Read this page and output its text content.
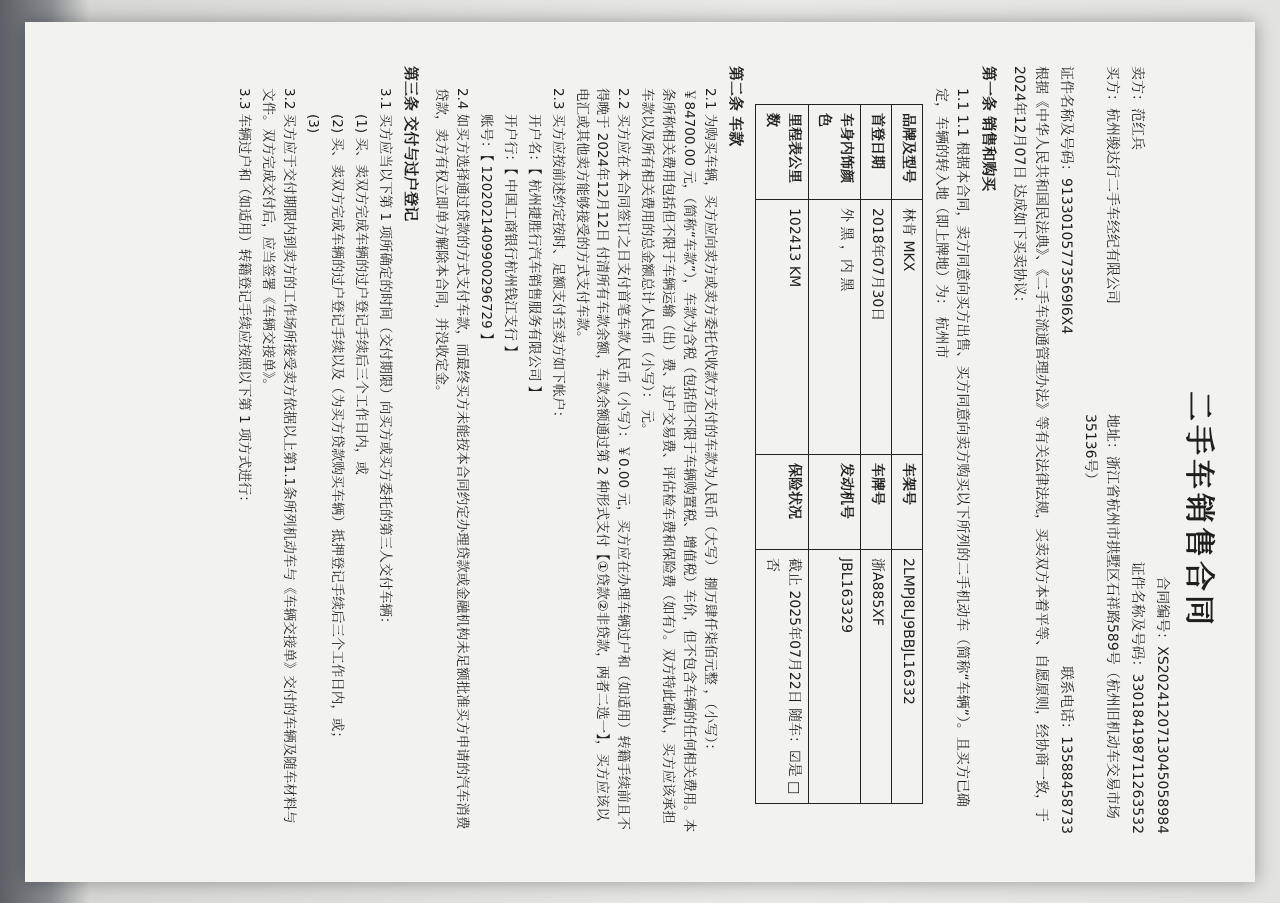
二手车销售合同
合同编号：XS20241207130450589​84
卖方：范红兵
证件名称及号码：330184198711263532
买方：杭州骏达行二手车经纪有限公司
地址：浙江省杭州市拱墅区石祥路589号（杭州旧机动车交易市场35136号）
证件名称及号码：91330105773569I6X4
联系电话：13588458733
根据《中华人民共和国民法典》、《二手车流通管理办法》等有关法律法规，买卖双方本着平等、自愿原则，经协商一致，于 2024年12月07日 达成如下买卖协议：
第一条 销售和购买
1.1 1.1 根据本合同，卖方同意向买方出售、买方同意向卖方购买以下所列的二手机动车（简称“车辆”）。且买方已确定，车辆的转入地（即上牌地）为： 杭州市
品牌及型号	林肯 MKX	车架号	2LMPJ8LJ9BBJL16332
首登日期	2018年07月30日	车牌号	浙A885XF
车身内饰颜色	外 黑 ，内 黑	发动机号	JBL163329
里程表公里数	102413 KM	保险状况	截止 2025年07月22日 随车：☑是 □否
第二条 车款
2.1 为购买车辆，买方应向卖方或卖方委托代收款方支付的车款为人民币（大写） 捌万肆仟柒佰元整 ，（小写）： ￥84700.00 元，（简称“车款”），车款为含税（包括但不限于车辆购置税、增值税）车价，但不包含车辆的任何相关费用。本条所称相关费用包括但不限于车辆运输（出）费、过户交易费、评估检车费和保险费（如有）。双方特此确认，买方应该承担车款以及所有相关费用的总金额总计人民币（小写）： 元。
2.2 买方应在本合同签订之日支付首笔车款人民币（小写）：￥0.00 元，买方应在办理车辆过户和（如适用）转籍手续前且不得晚于 2024年12月12日 付清所有车款余额，车款余额通过第 2 种形式支付【①贷款②非贷款，两者二选一】，买方应该以电汇或其他卖方能够接受的方式支付车款。
2.3 买方应按前述约定按时、足额支付至卖方如下帐户：
开户名：【 杭州捷胜行汽车销售服务有限公司 】
开户行：【 中国工商银行杭州钱江支行 】
账号：【 1202021409900296729 】
2.4 如买方选择通过贷款的方式支付车款，而最终买方未能按本合同约定办理贷款或金融机构未足额批准买方申请的汽车消费贷款，卖方有权立即单方解除本合同，并没收定金。
第三条 交付与过户登记
3.1 买方应当以下第 1 项所确定的时间（交付期限）向买方或买方委托的第三人交付车辆：
(1) 买、卖双方完成车辆的过户登记手续后三个工作日内，或
(2) 买、卖双方完成车辆的过户登记手续以及（为买方贷款购买车辆）抵押登记手续后三个工作日内，或；
(3)
3.2 买方应于交付期限内到卖方的工作场所接受卖方依据以上第1.1条所列机动车与《车辆交接单》交付的车辆及随车材料与文件。双方完成交付后，应当签署《车辆交接单》。
3.3 车辆过户和（如适用）转籍登记手续应按照以下第 1 项方式进行：
